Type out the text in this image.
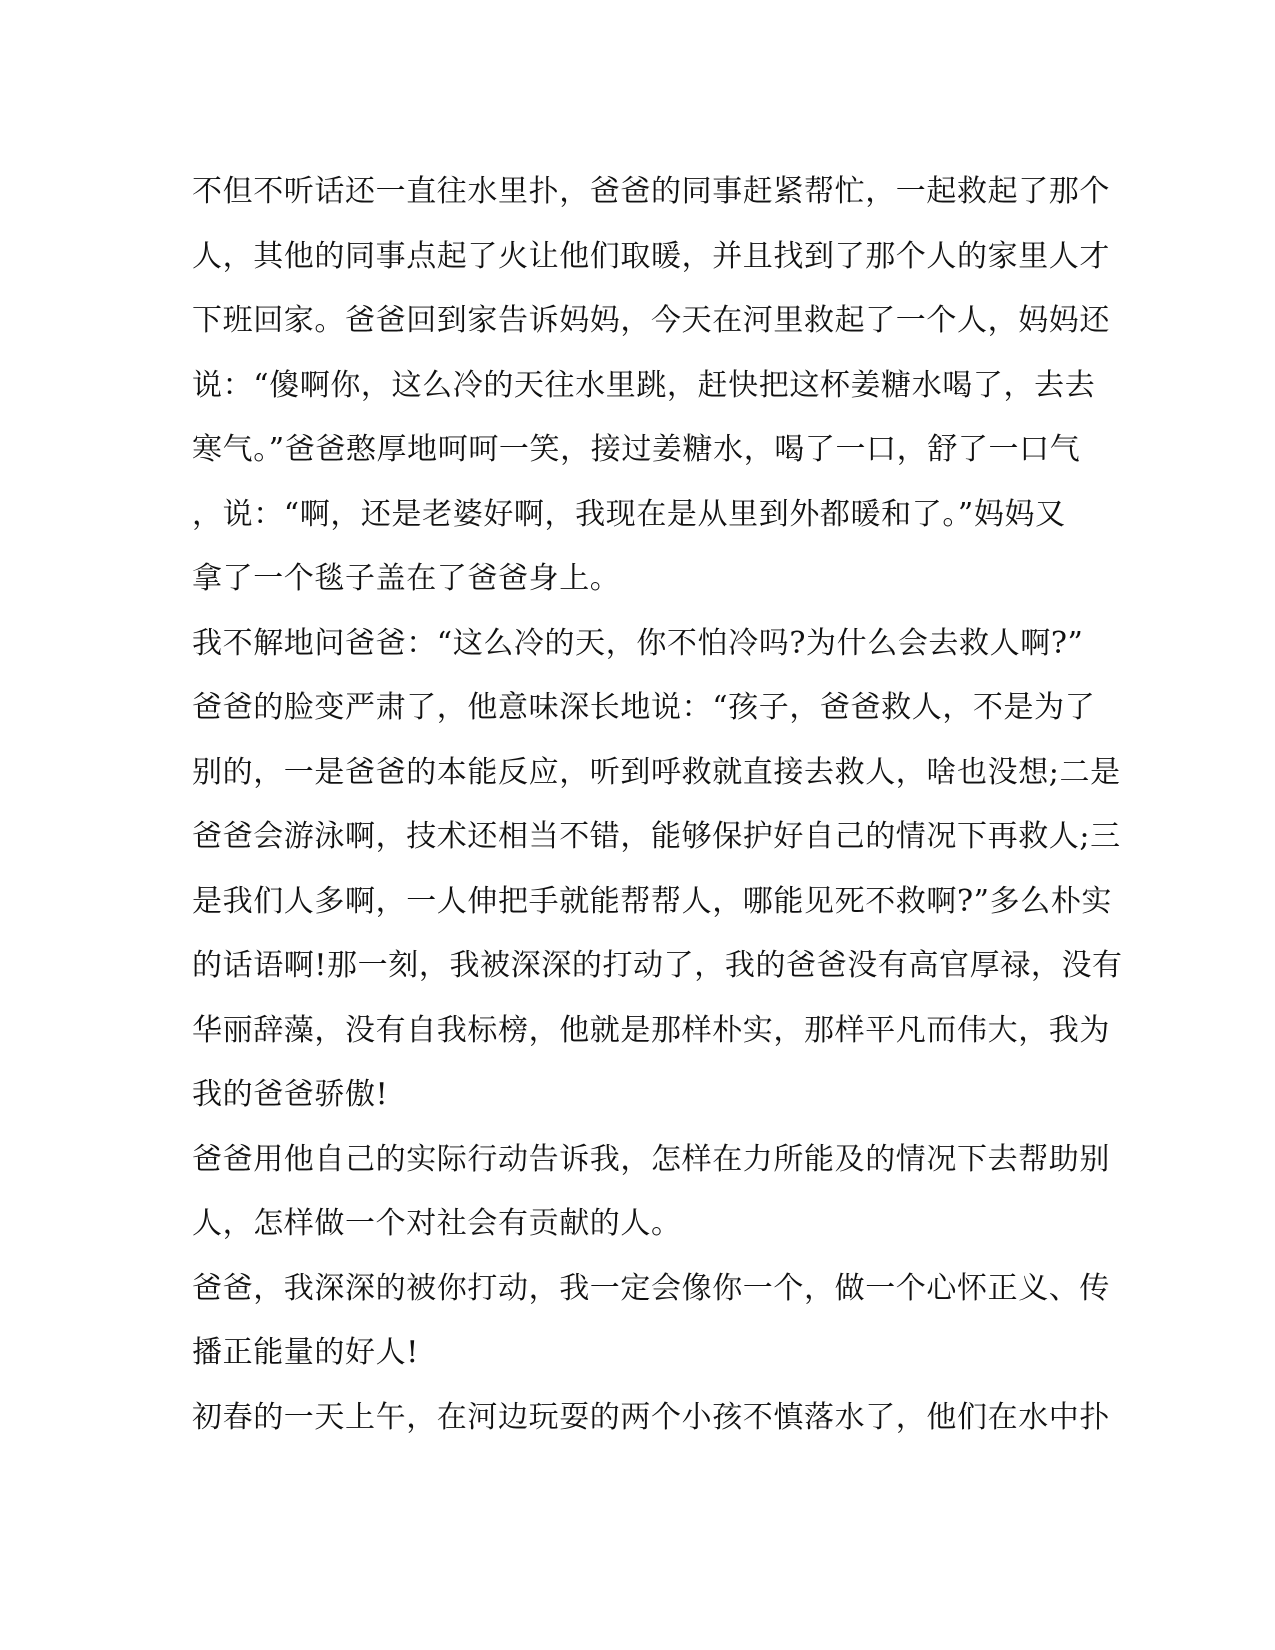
不但不听话还一直往水里扑，爸爸的同事赶紧帮忙，一起救起了那个
人，其他的同事点起了火让他们取暖，并且找到了那个人的家里人才
下班回家。爸爸回到家告诉妈妈，今天在河里救起了一个人，妈妈还
说：“傻啊你，这么冷的天往水里跳，赶快把这杯姜糖水喝了，去去
寒气。”爸爸憨厚地呵呵一笑，接过姜糖水，喝了一口，舒了一口气
，说：“啊，还是老婆好啊，我现在是从里到外都暖和了。”妈妈又
拿了一个毯子盖在了爸爸身上。
我不解地问爸爸：“这么冷的天，你不怕冷吗?为什么会去救人啊?”
爸爸的脸变严肃了，他意味深长地说：“孩子，爸爸救人，不是为了
别的，一是爸爸的本能反应，听到呼救就直接去救人，啥也没想;二是
爸爸会游泳啊，技术还相当不错，能够保护好自己的情况下再救人;三
是我们人多啊，一人伸把手就能帮帮人，哪能见死不救啊?”多么朴实
的话语啊!那一刻，我被深深的打动了，我的爸爸没有高官厚禄，没有
华丽辞藻，没有自我标榜，他就是那样朴实，那样平凡而伟大，我为
我的爸爸骄傲!
爸爸用他自己的实际行动告诉我，怎样在力所能及的情况下去帮助别
人，怎样做一个对社会有贡献的人。
爸爸，我深深的被你打动，我一定会像你一个，做一个心怀正义、传
播正能量的好人!
初春的一天上午，在河边玩耍的两个小孩不慎落水了，他们在水中扑
